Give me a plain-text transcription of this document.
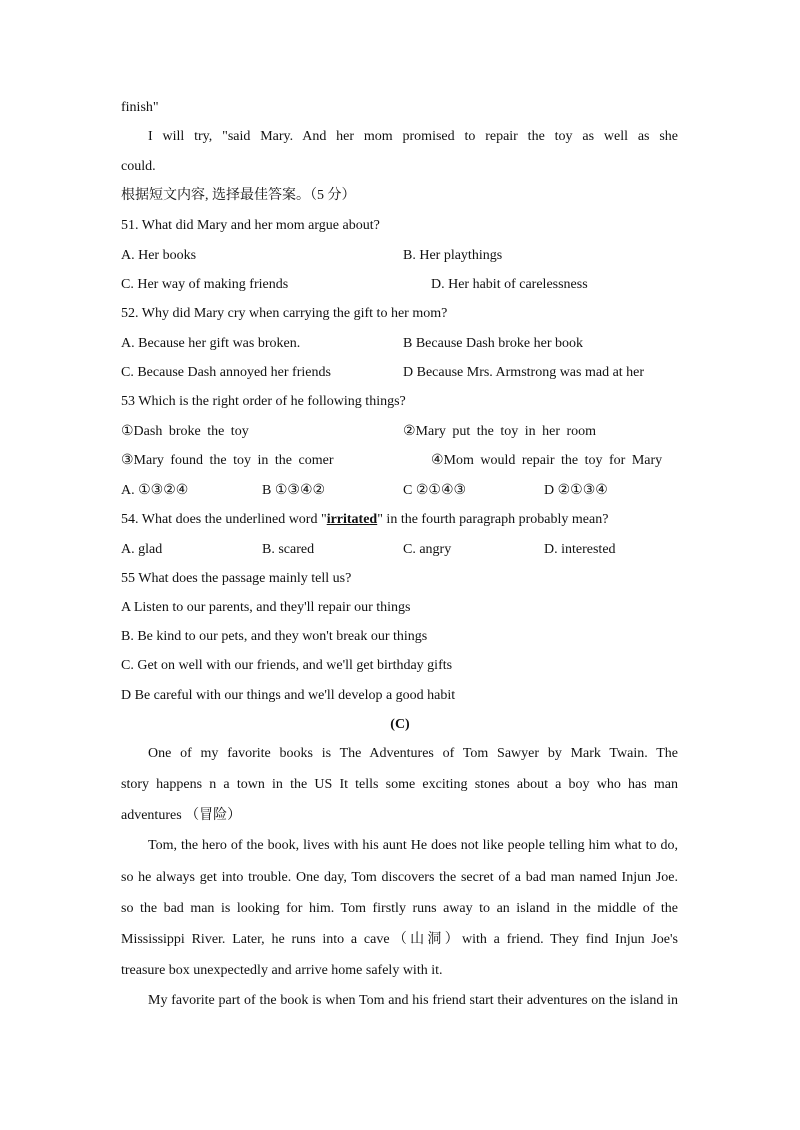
finish"
I will try, "said Mary. And her mom promised to repair the toy as well as she
could.
根据短文内容, 选择最佳答案。（5 分）
51. What did Mary and her mom argue about?
A. Her books	B. Her playthings
C. Her way of making friends	D. Her habit of carelessness
52. Why did Mary cry when carrying the gift to her mom?
A. Because her gift was broken.	B Because Dash broke her book
C. Because Dash annoyed her friends	D Because Mrs. Armstrong was mad at her
53 Which is the right order of he following things?
①Dash broke the toy	②Mary put the toy in her room
③Mary found the toy in the comer	④Mom would repair the toy for Mary
A. ①③②④	B ①③④②	C ②①④③	D ②①③④
54. What does the underlined word "irritated" in the fourth paragraph probably mean?
A. glad	B. scared	C. angry	D. interested
55 What does the passage mainly tell us?
A Listen to our parents, and they'll repair our things
B. Be kind to our pets, and they won't break our things
C. Get on well with our friends, and we'll get birthday gifts
D Be careful with our things and we'll develop a good habit
(C)
One of my favorite books is The Adventures of Tom Sawyer by Mark Twain. The
story happens n a town in the US It tells some exciting stones about a boy who has man
adventures （冒险）
Tom, the hero of the book, lives with his aunt He does not like people telling him what to do,
so he always get into trouble. One day, Tom discovers the secret of a bad man named Injun Joe.
so the bad man is looking for him. Tom firstly runs away to an island in the middle of the
Mississippi River. Later, he runs into a cave（山洞）with a friend. They find Injun Joe's
treasure box unexpectedly and arrive home safely with it.
My favorite part of the book is when Tom and his friend start their adventures on the island in
